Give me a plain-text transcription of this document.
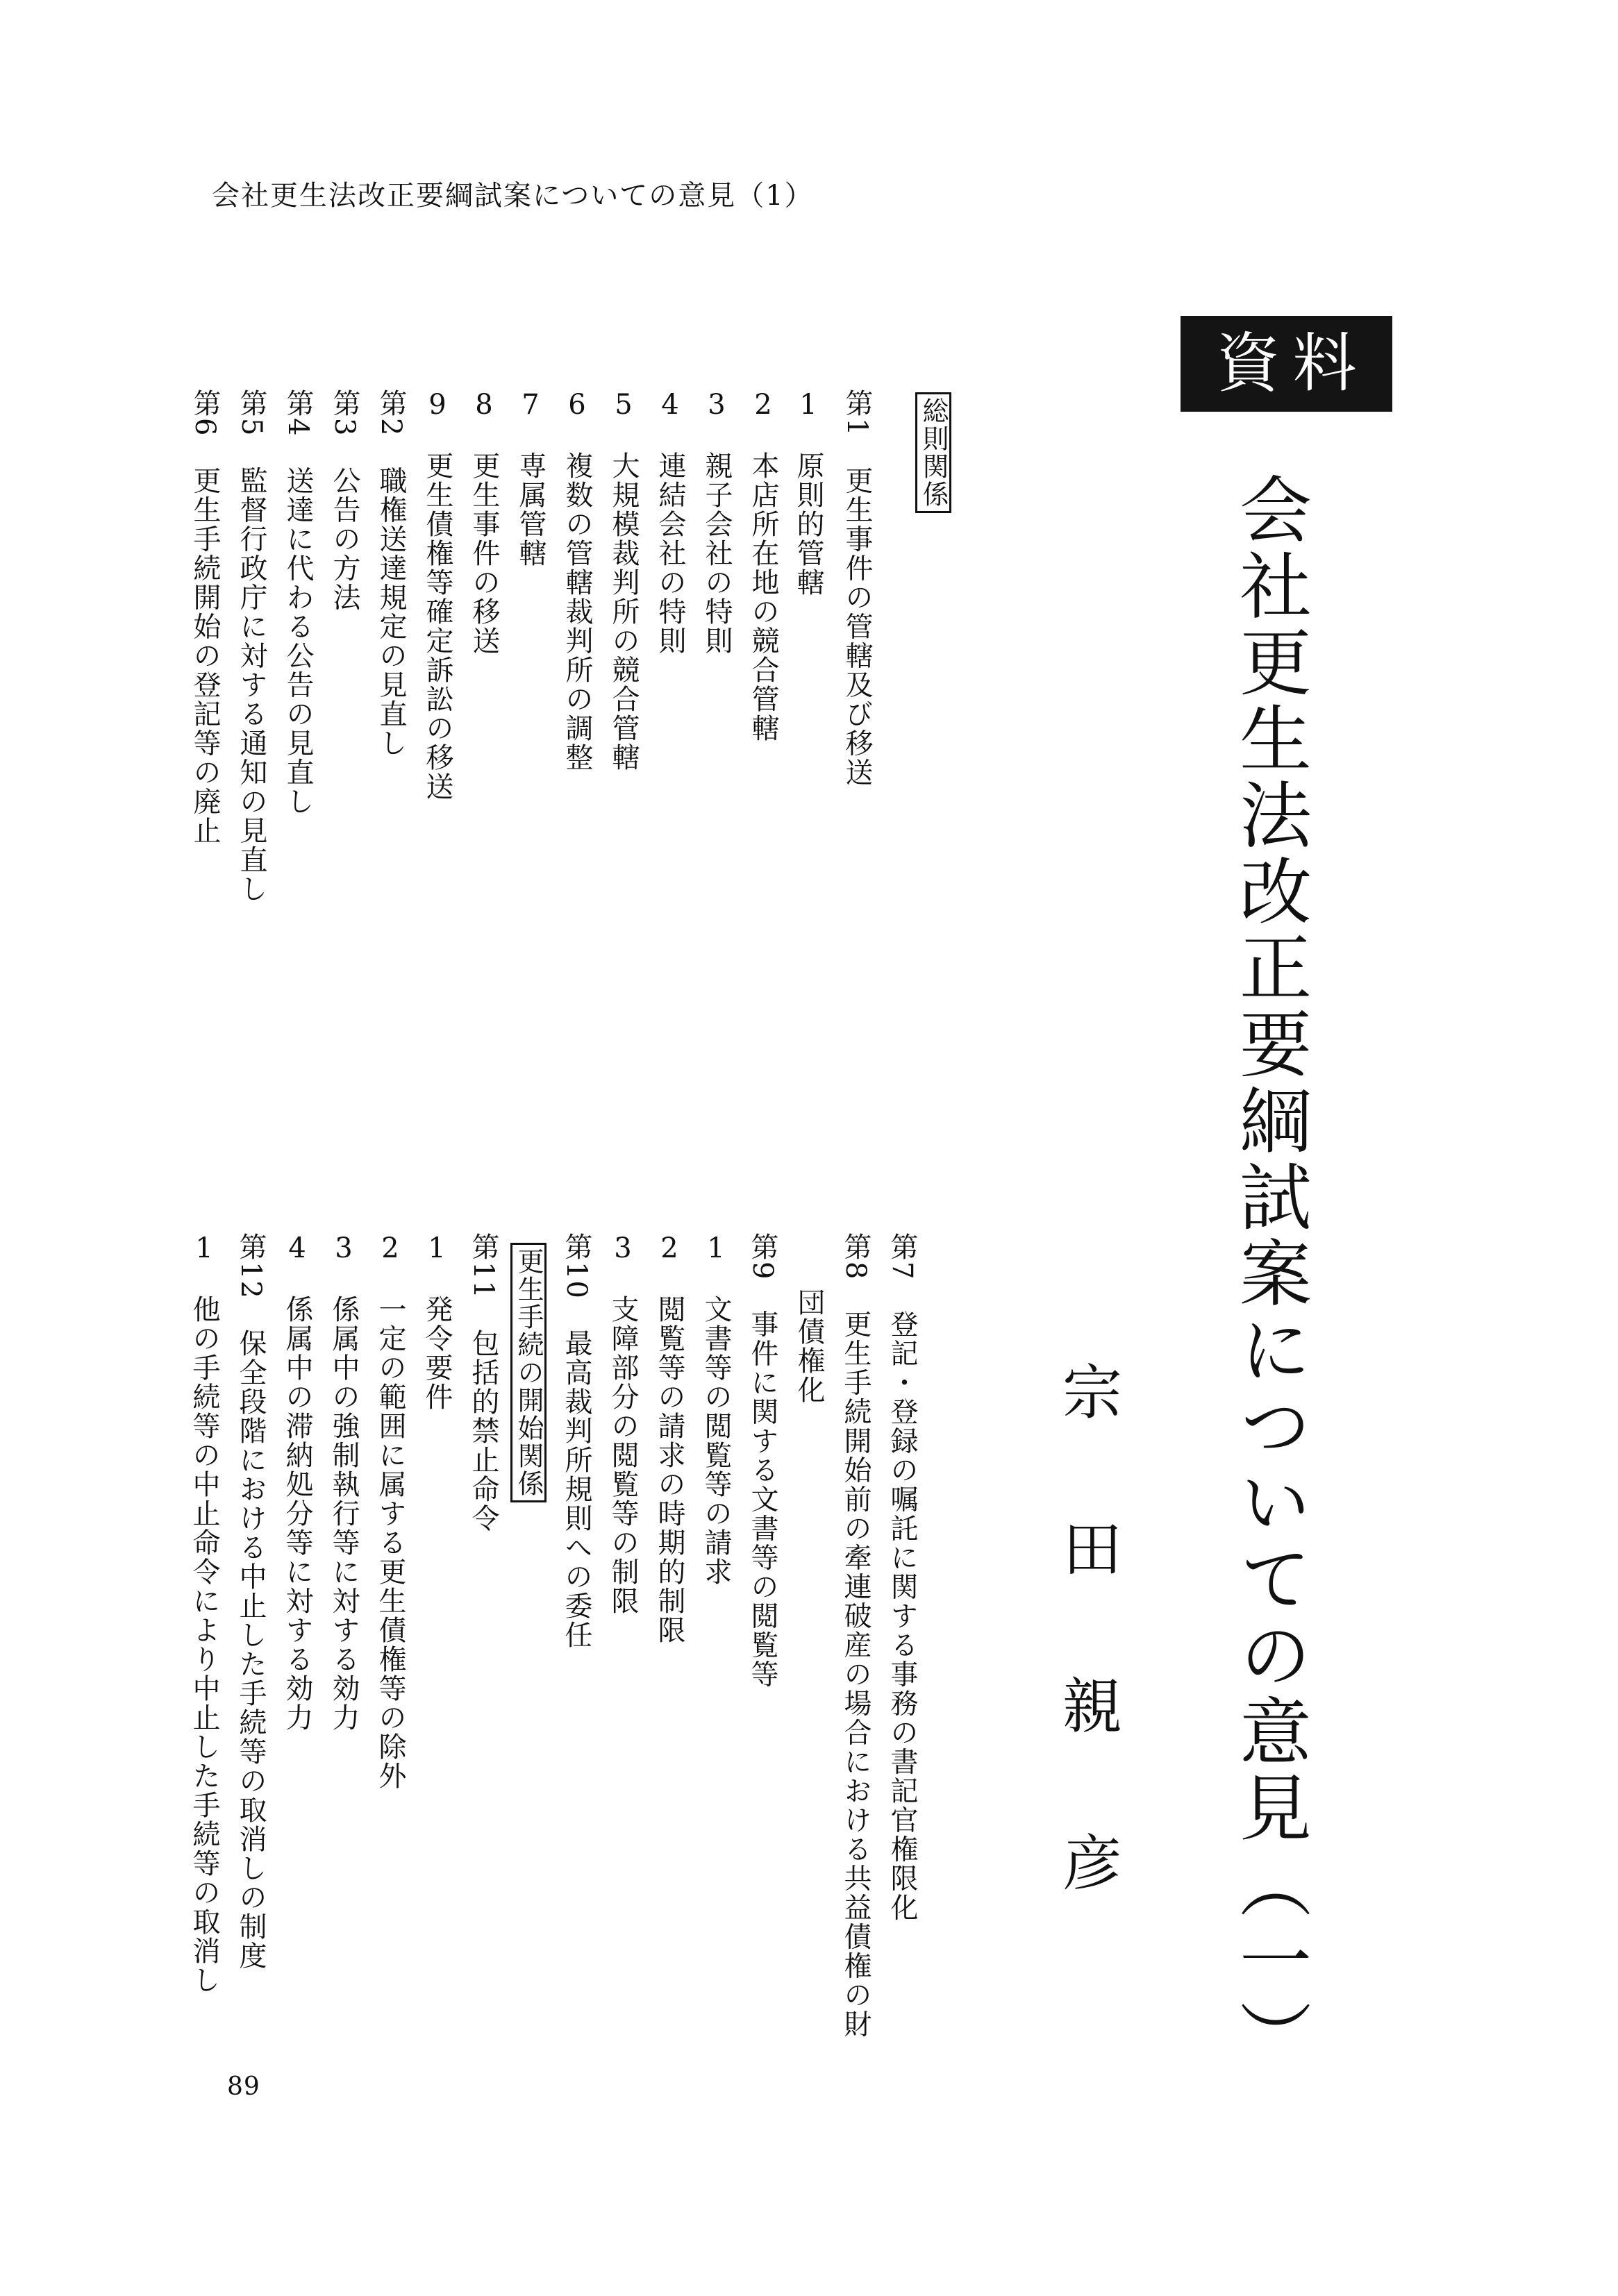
会社更生法改正要綱試案についての意見（1）
資料
会社更生法改正要綱試案についての意見（一）
宗田親彦
総則関係
第1　更生事件の管轄及び移送
1　原則的管轄
2　本店所在地の競合管轄
3　親子会社の特則
4　連結会社の特則
5　大規模裁判所の競合管轄
6　複数の管轄裁判所の調整
7　専属管轄
8　更生事件の移送
9　更生債権等確定訴訟の移送
第2　職権送達規定の見直し
第3　公告の方法
第4　送達に代わる公告の見直し
第5　監督行政庁に対する通知の見直し
第6　更生手続開始の登記等の廃止
更生手続の開始関係	第7　登記・登録の嘱託に関する事務の書記官権限化
第8　更生手続開始前の牽連破産の場合における共益債権の財
団債権化
第9　事件に関する文書等の閲覧等
1　文書等の閲覧等の請求
2　閲覧等の請求の時期的制限
3　支障部分の閲覧等の制限
第10　最高裁判所規則への委任
第11　包括的禁止命令
1　発令要件
2　一定の範囲に属する更生債権等の除外
3　係属中の強制執行等に対する効力
4　係属中の滞納処分等に対する効力
第12　保全段階における中止した手続等の取消しの制度
1　他の手続等の中止命令により中止した手続等の取消し
89
